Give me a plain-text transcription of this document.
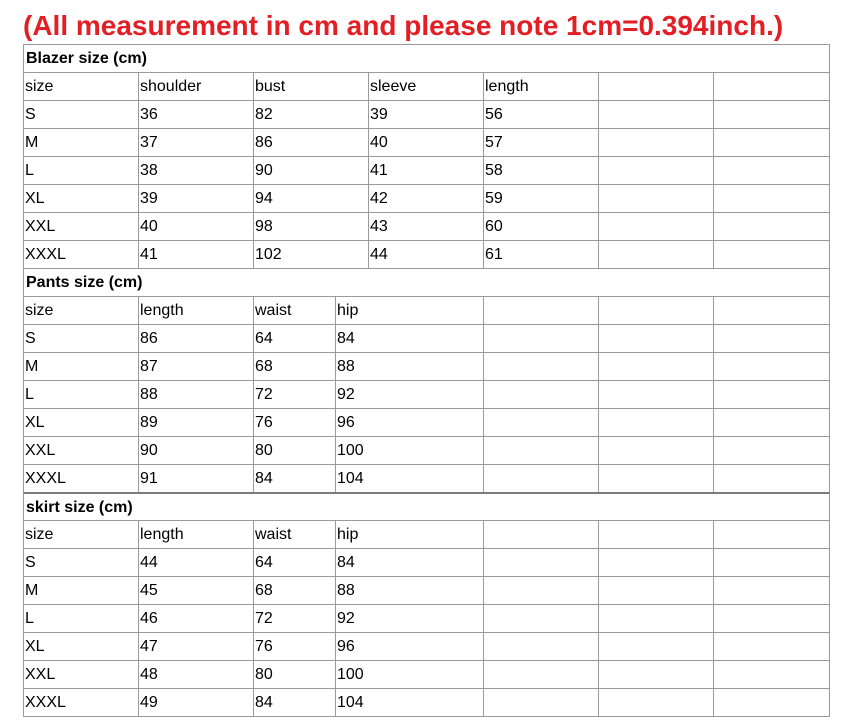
(All measurement in cm and please note 1cm=0.394inch.)
Blazer size (cm)
size	shoulder	bust	sleeve	length
S	36	82	39	56
M	37	86	40	57
L	38	90	41	58
XL	39	94	42	59
XXL	40	98	43	60
XXXL	41	102	44	61
Pants size (cm)
size	length	waist	hip
S	86	64	84
M	87	68	88
L	88	72	92
XL	89	76	96
XXL	90	80	100
XXXL	91	84	104
skirt size (cm)
size	length	waist	hip
S	44	64	84
M	45	68	88
L	46	72	92
XL	47	76	96
XXL	48	80	100
XXXL	49	84	104
